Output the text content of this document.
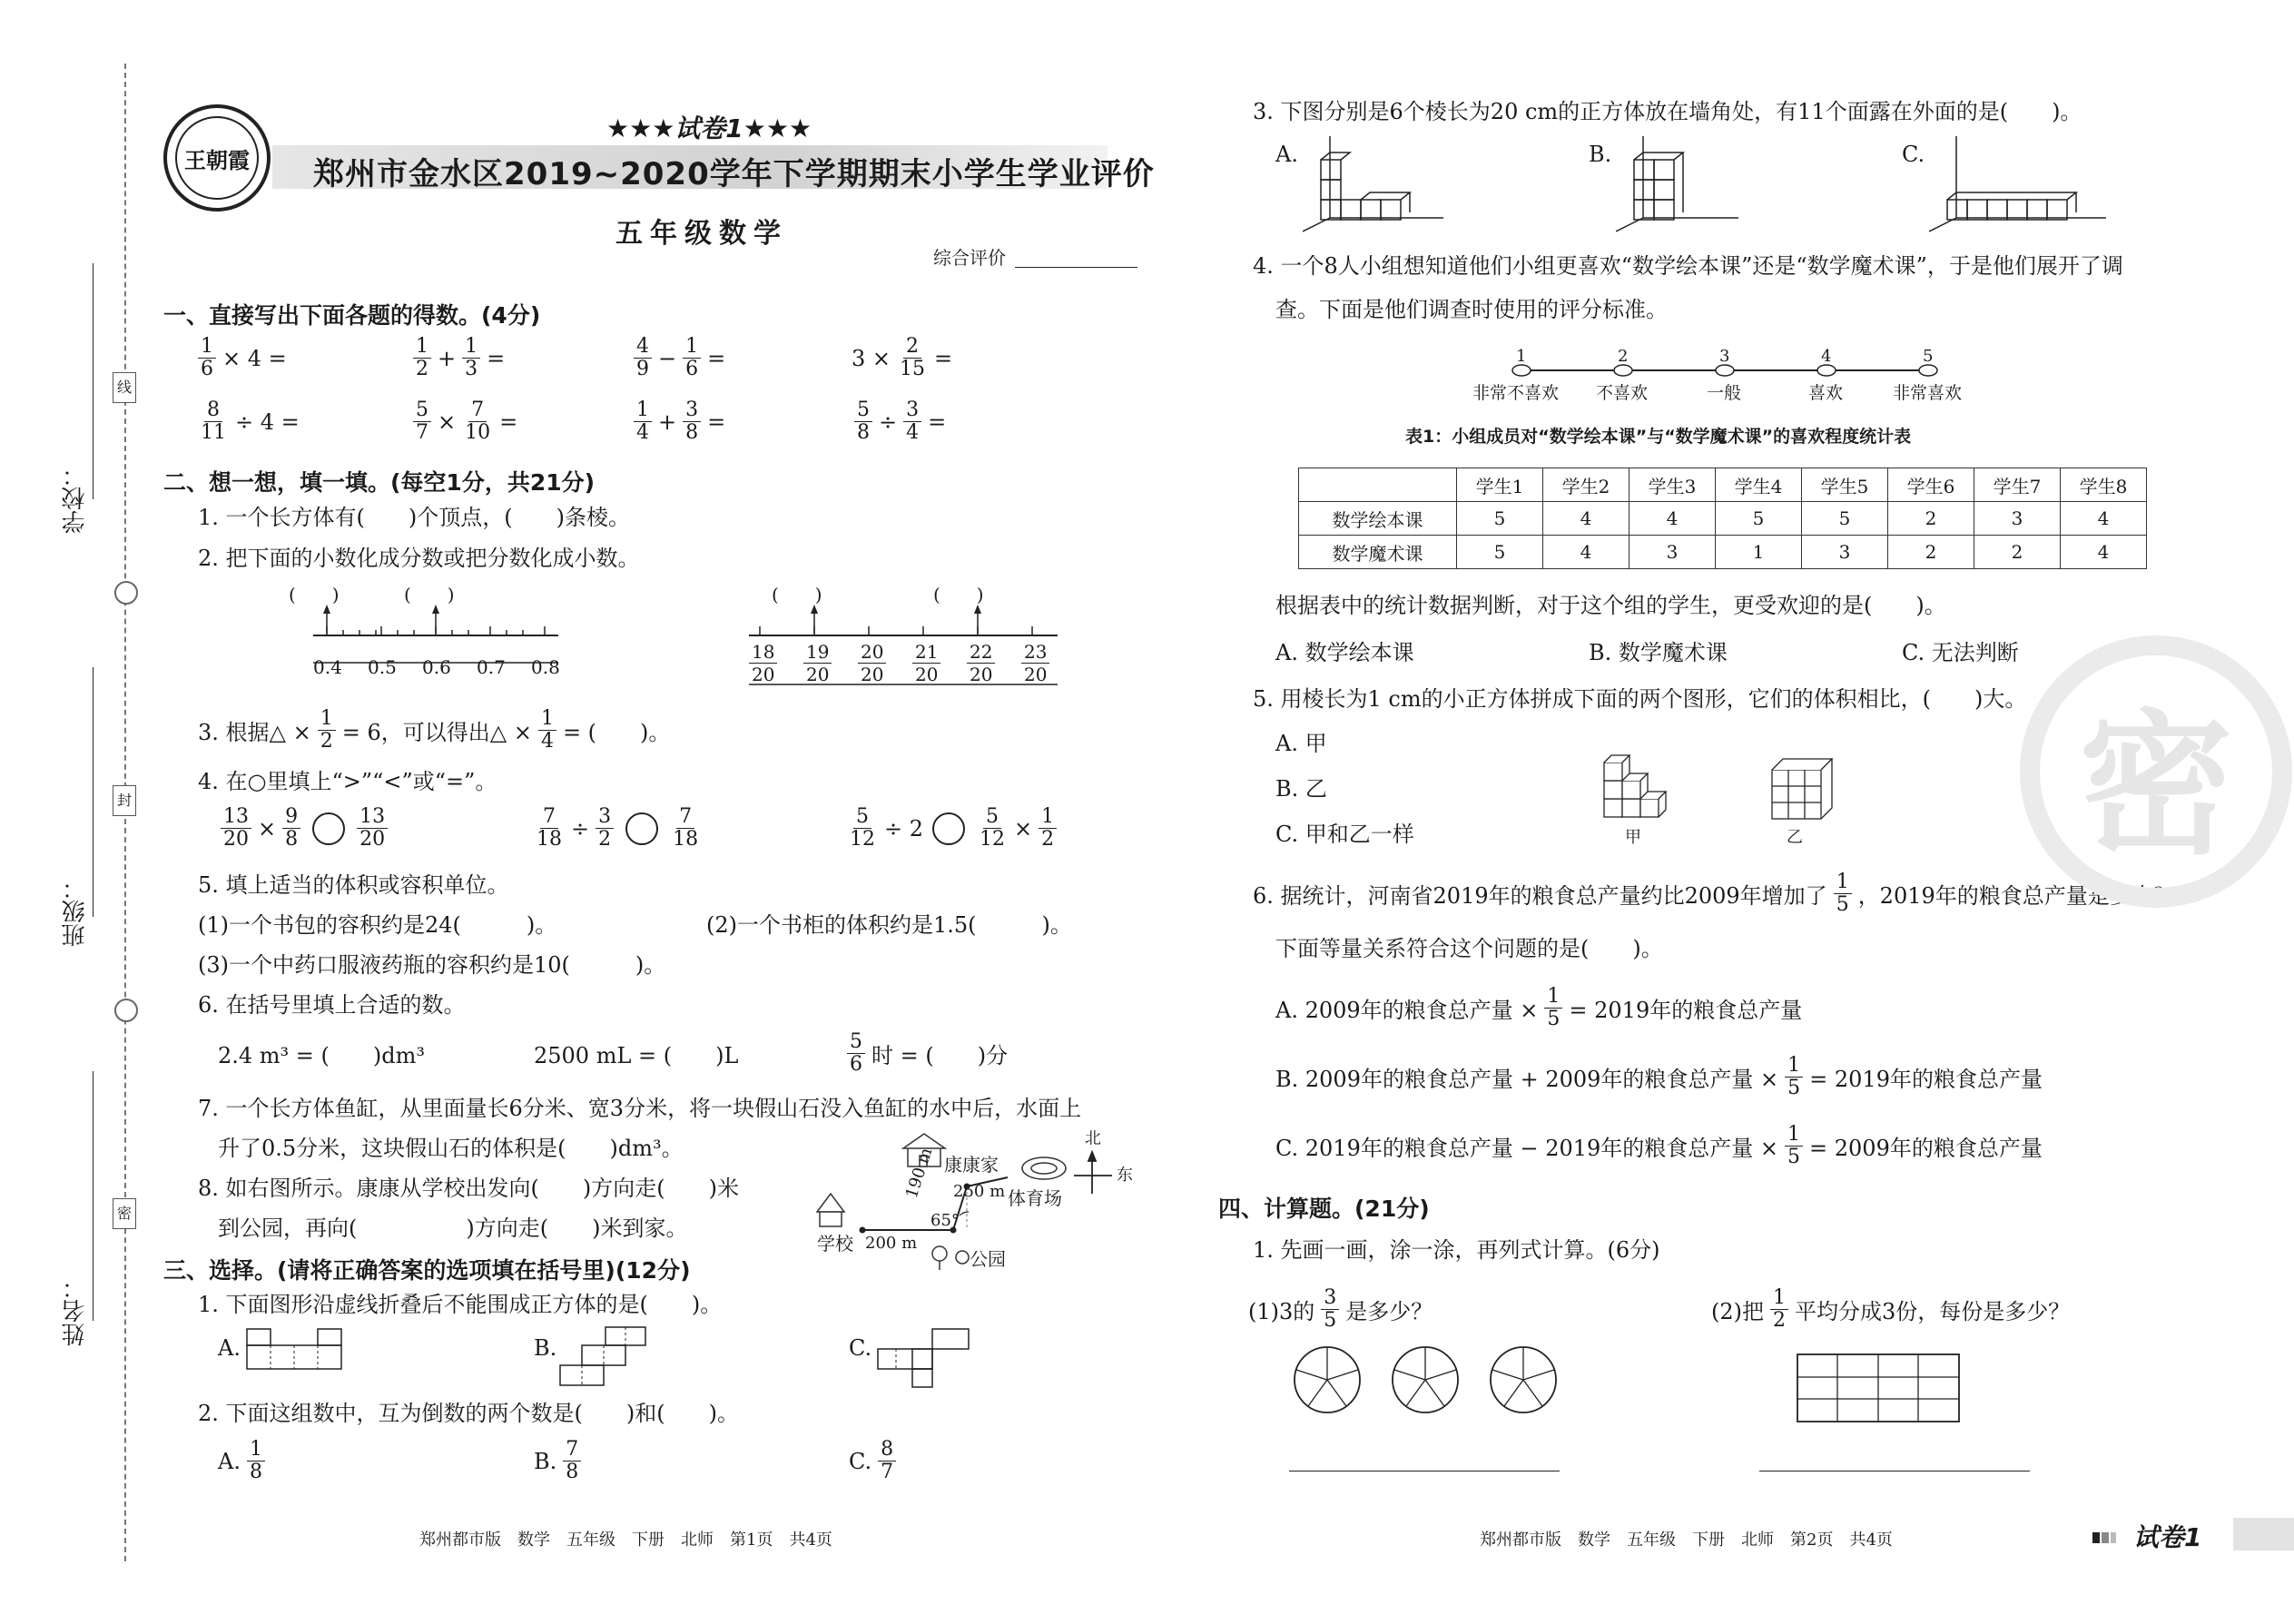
线
封
密
学校：
班级：
姓名：
王朝霞
★★★试卷1★★★
郑州市金水区2019~2020学年下学期期末小学生学业评价
五年级数学
综合评价
一、直接写出下面各题的得数。(4分)
$\frac{1}{6} \times 4$ =	$\frac{1}{2} + \frac{1}{3}$ =	$\frac{4}{9} - \frac{1}{6}$ =	$3 \times \frac{2}{15}$ =
$\frac{8}{11} \div 4$ =	$\frac{5}{7} \times \frac{7}{10}$ =	$\frac{1}{4} + \frac{3}{8}$ =	$\frac{5}{8} \div \frac{3}{4}$ =
二、想一想，填一填。(每空1分，共21分)
1. 一个长方体有(　　)个顶点，(　　)条棱。
2. 把下面的小数化成分数或把分数化成小数。
(　　)	(　　)
0.4 0.5 0.6 0.7 0.8
(　　)	(　　)
$\frac{18}{20} \frac{19}{20} \frac{20}{20} \frac{21}{20} \frac{22}{20} \frac{23}{20}$
3. 根据△ × $\frac{1}{2} = 6$，可以得出△ × $\frac{1}{4}$ = (　　)。
4. 在○里填上“>”“<”或“=”。
$\frac{13}{20} \times \frac{9}{8}$	$\frac{13}{20}$	$\frac{7}{18} \div \frac{3}{2}$	$\frac{7}{18}$	$\frac{5}{12} \div 2$	$\frac{5}{12} \times \frac{1}{2}$
5. 填上适当的体积或容积单位。
(1)一个书包的容积约是24(　　　)。	(2)一个书柜的体积约是1.5(　　　)。
(3)一个中药口服液药瓶的容积约是10(　　　)。
6. 在括号里填上合适的数。
2.4 m³ = (　　)dm³	2500 mL = (　　)L	$\frac{5}{6}$ 时 = (　　)分
7. 一个长方体鱼缸，从里面量长6分米、宽3分米，将一块假山石没入鱼缸的水中后，水面上
升了0.5分米，这块假山石的体积是(　　)dm³。
8. 如右图所示。康康从学校出发向(　　)方向走(　　)米
到公园，再向(　　　　　)方向走(　　)米到家。
康康家
250 m 体育场
190 m
65°
学校 200 m
公园
北
东
三、选择。(请将正确答案的选项填在括号里)(12分)
1. 下面图形沿虚线折叠后不能围成正方体的是(　　)。
A.	B.	C.
2. 下面这组数中，互为倒数的两个数是(　　)和(　　)。
A. $\frac{1}{8}$	B. $\frac{7}{8}$	C. $\frac{8}{7}$
郑州都市版　数学　五年级　下册　北师　第1页　共4页
3. 下图分别是6个棱长为20 cm的正方体放在墙角处，有11个面露在外面的是(　　)。
A.	B.	C.
4. 一个8人小组想知道他们小组更喜欢“数学绘本课”还是“数学魔术课”，于是他们展开了调
查。下面是他们调查时使用的评分标准。
1	2	3	4	5
非常不喜欢 不喜欢	一般	喜欢	非常喜欢
表1：小组成员对“数学绘本课”与“数学魔术课”的喜欢程度统计表
	学生1	学生2	学生3	学生4	学生5	学生6	学生7	学生8
数学绘本课	5	4	4	5	5	2	3	4
数学魔术课	5	4	3	1	3	2	2	4
根据表中的统计数据判断，对于这个组的学生，更受欢迎的是(　　)。
A. 数学绘本课	B. 数学魔术课	C. 无法判断
5. 用棱长为1 cm的小正方体拼成下面的两个图形，它们的体积相比，(　　)大。
A. 甲
B. 乙
C. 甲和乙一样	甲	乙
6. 据统计，河南省2019年的粮食总产量约比2009年增加了 $\frac{1}{5}$ ，2019年的粮食总产量是多少？
下面等量关系符合这个问题的是(　　)。
A. 2009年的粮食总产量 × $\frac{1}{5} = 2019$年的粮食总产量
B. 2009年的粮食总产量 + 2009年的粮食总产量 × $\frac{1}{5} = 2019$年的粮食总产量
C. 2019年的粮食总产量 − 2019年的粮食总产量 × $\frac{1}{5} = 2009$年的粮食总产量
四、计算题。(21分)
1. 先画一画，涂一涂，再列式计算。(6分)
(1)3的 $\frac{3}{5}$ 是多少？	(2)把 $\frac{1}{2}$ 平均分成3份，每份是多少？
密
郑州都市版　数学　五年级　下册　北师　第2页　共4页	试卷1
